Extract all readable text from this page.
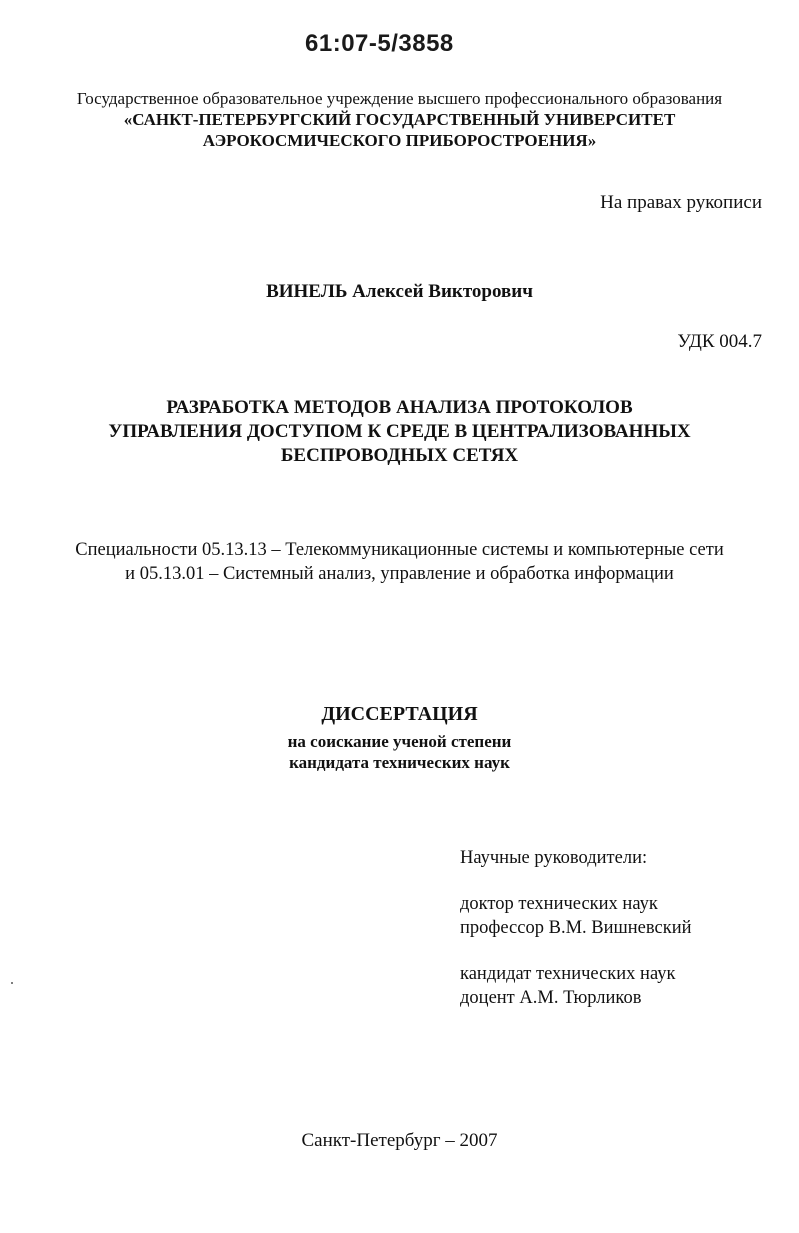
61:07-5/3858
Государственное образовательное учреждение высшего профессионального образования
«САНКТ-ПЕТЕРБУРГСКИЙ ГОСУДАРСТВЕННЫЙ УНИВЕРСИТЕТ
АЭРОКОСМИЧЕСКОГО ПРИБОРОСТРОЕНИЯ»
На правах рукописи
ВИНЕЛЬ Алексей Викторович
УДК 004.7
РАЗРАБОТКА МЕТОДОВ АНАЛИЗА ПРОТОКОЛОВ
УПРАВЛЕНИЯ ДОСТУПОМ К СРЕДЕ В ЦЕНТРАЛИЗОВАННЫХ
БЕСПРОВОДНЫХ СЕТЯХ
Специальности 05.13.13 – Телекоммуникационные системы и компьютерные сети
и 05.13.01 – Системный анализ, управление и обработка информации
ДИССЕРТАЦИЯ
на соискание ученой степени
кандидата технических наук
Научные руководители:
доктор технических наук
профессор В.М. Вишневский
кандидат технических наук
доцент А.М. Тюрликов
Санкт-Петербург – 2007
